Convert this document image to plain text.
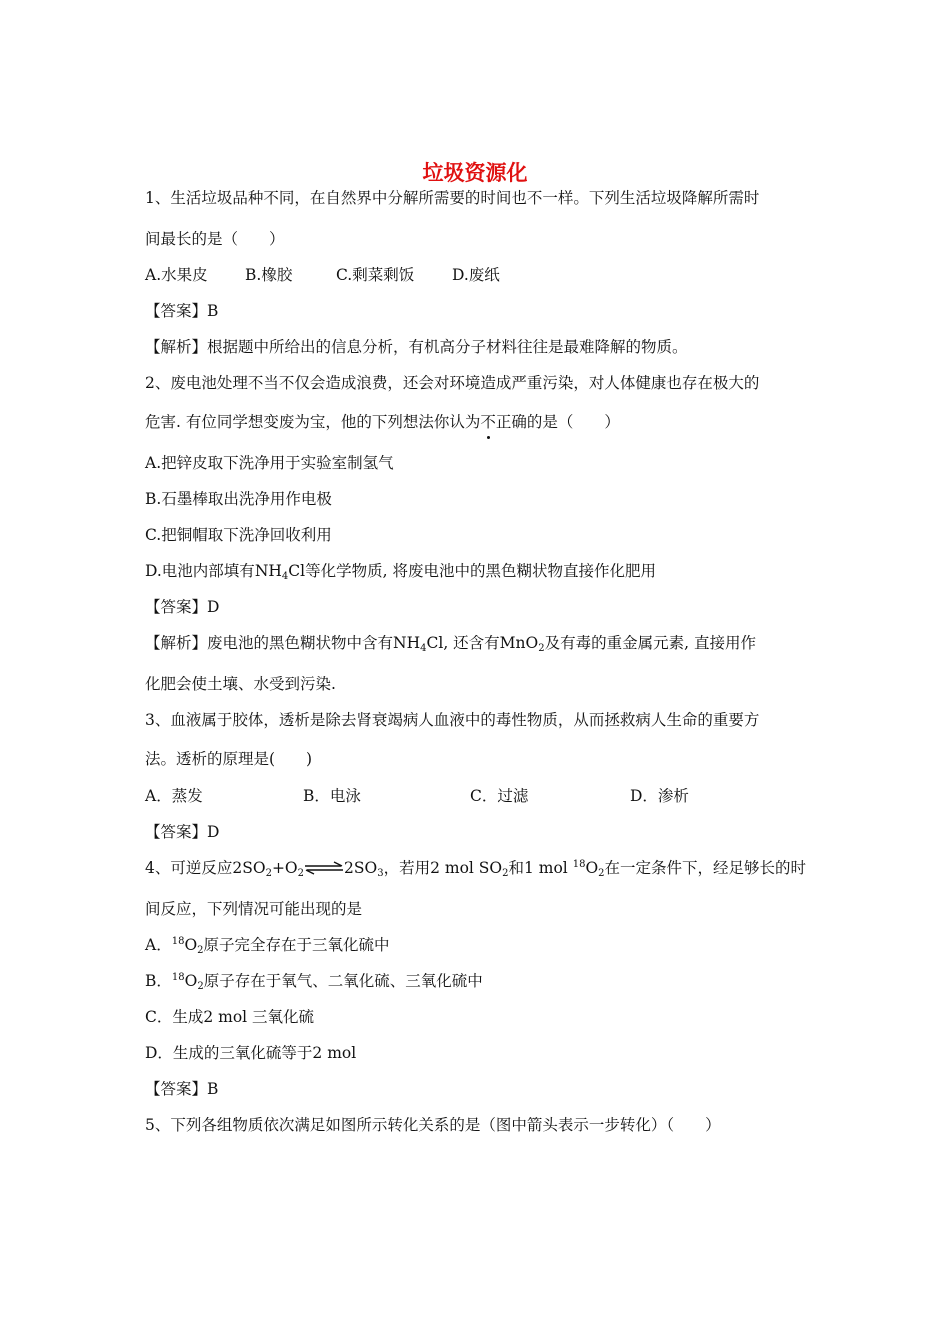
垃圾资源化
1、生活垃圾品种不同，在自然界中分解所需要的时间也不一样。下列生活垃圾降解所需时
间最长的是（　　）
A.水果皮	B.橡胶	C.剩菜剩饭	D.废纸
【答案】B
【解析】根据题中所给出的信息分析，有机高分子材料往往是最难降解的物质。
2、废电池处理不当不仅会造成浪费，还会对环境造成严重污染，对人体健康也存在极大的
危害. 有位同学想变废为宝，他的下列想法你认为不正确的是（　　）
A.把锌皮取下洗净用于实验室制氢气
B.石墨棒取出洗净用作电极
C.把铜帽取下洗净回收利用
D.电池内部填有$NH_4Cl$等化学物质, 将废电池中的黑色糊状物直接作化肥用
【答案】D
【解析】废电池的黑色糊状物中含有$NH_4Cl$, 还含有MnO$_2$及有毒的重金属元素, 直接用作
化肥会使土壤、水受到污染.
3、血液属于胶体，透析是除去肾衰竭病人血液中的毒性物质，从而拯救病人生命的重要方
法。透析的原理是(　　)
A．蒸发	B．电泳	C．过滤	D．渗析
【答案】D
4、可逆反应$2SO_2+O_2\rightleftharpoons 2SO_3$，若用2 mol $SO_2$和1 mol $^{18}O_2$在一定条件下，经足够长的时
间反应，下列情况可能出现的是
A．$^{18}O_2$原子完全存在于三氧化硫中
B．$^{18}O_2$原子存在于氧气、二氧化硫、三氧化硫中
C．生成2 mol 三氧化硫
D．生成的三氧化硫等于2 mol
【答案】B
5、下列各组物质依次满足如图所示转化关系的是（图中箭头表示一步转化）（　　）
